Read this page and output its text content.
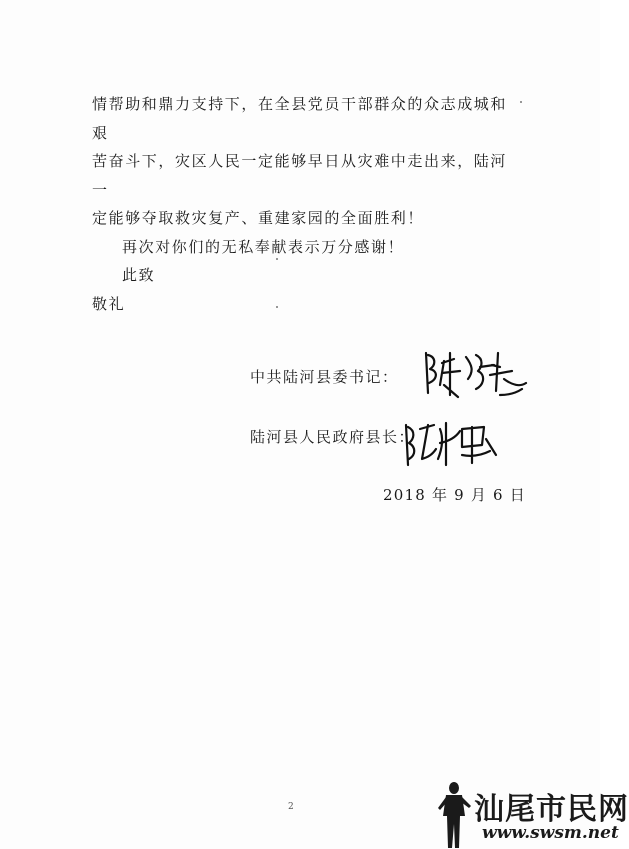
情帮助和鼎力支持下，在全县党员干部群众的众志成城和艰

苦奋斗下，灾区人民一定能够早日从灾难中走出来，陆河一

定能够夺取救灾复产、重建家园的全面胜利！

再次对你们的无私奉献表示万分感谢！

此致

敬礼

中共陆河县委书记：
陆河县人民政府县长：
2018 年 9 月 6 日
2	汕尾市民网
www.swsm.net
